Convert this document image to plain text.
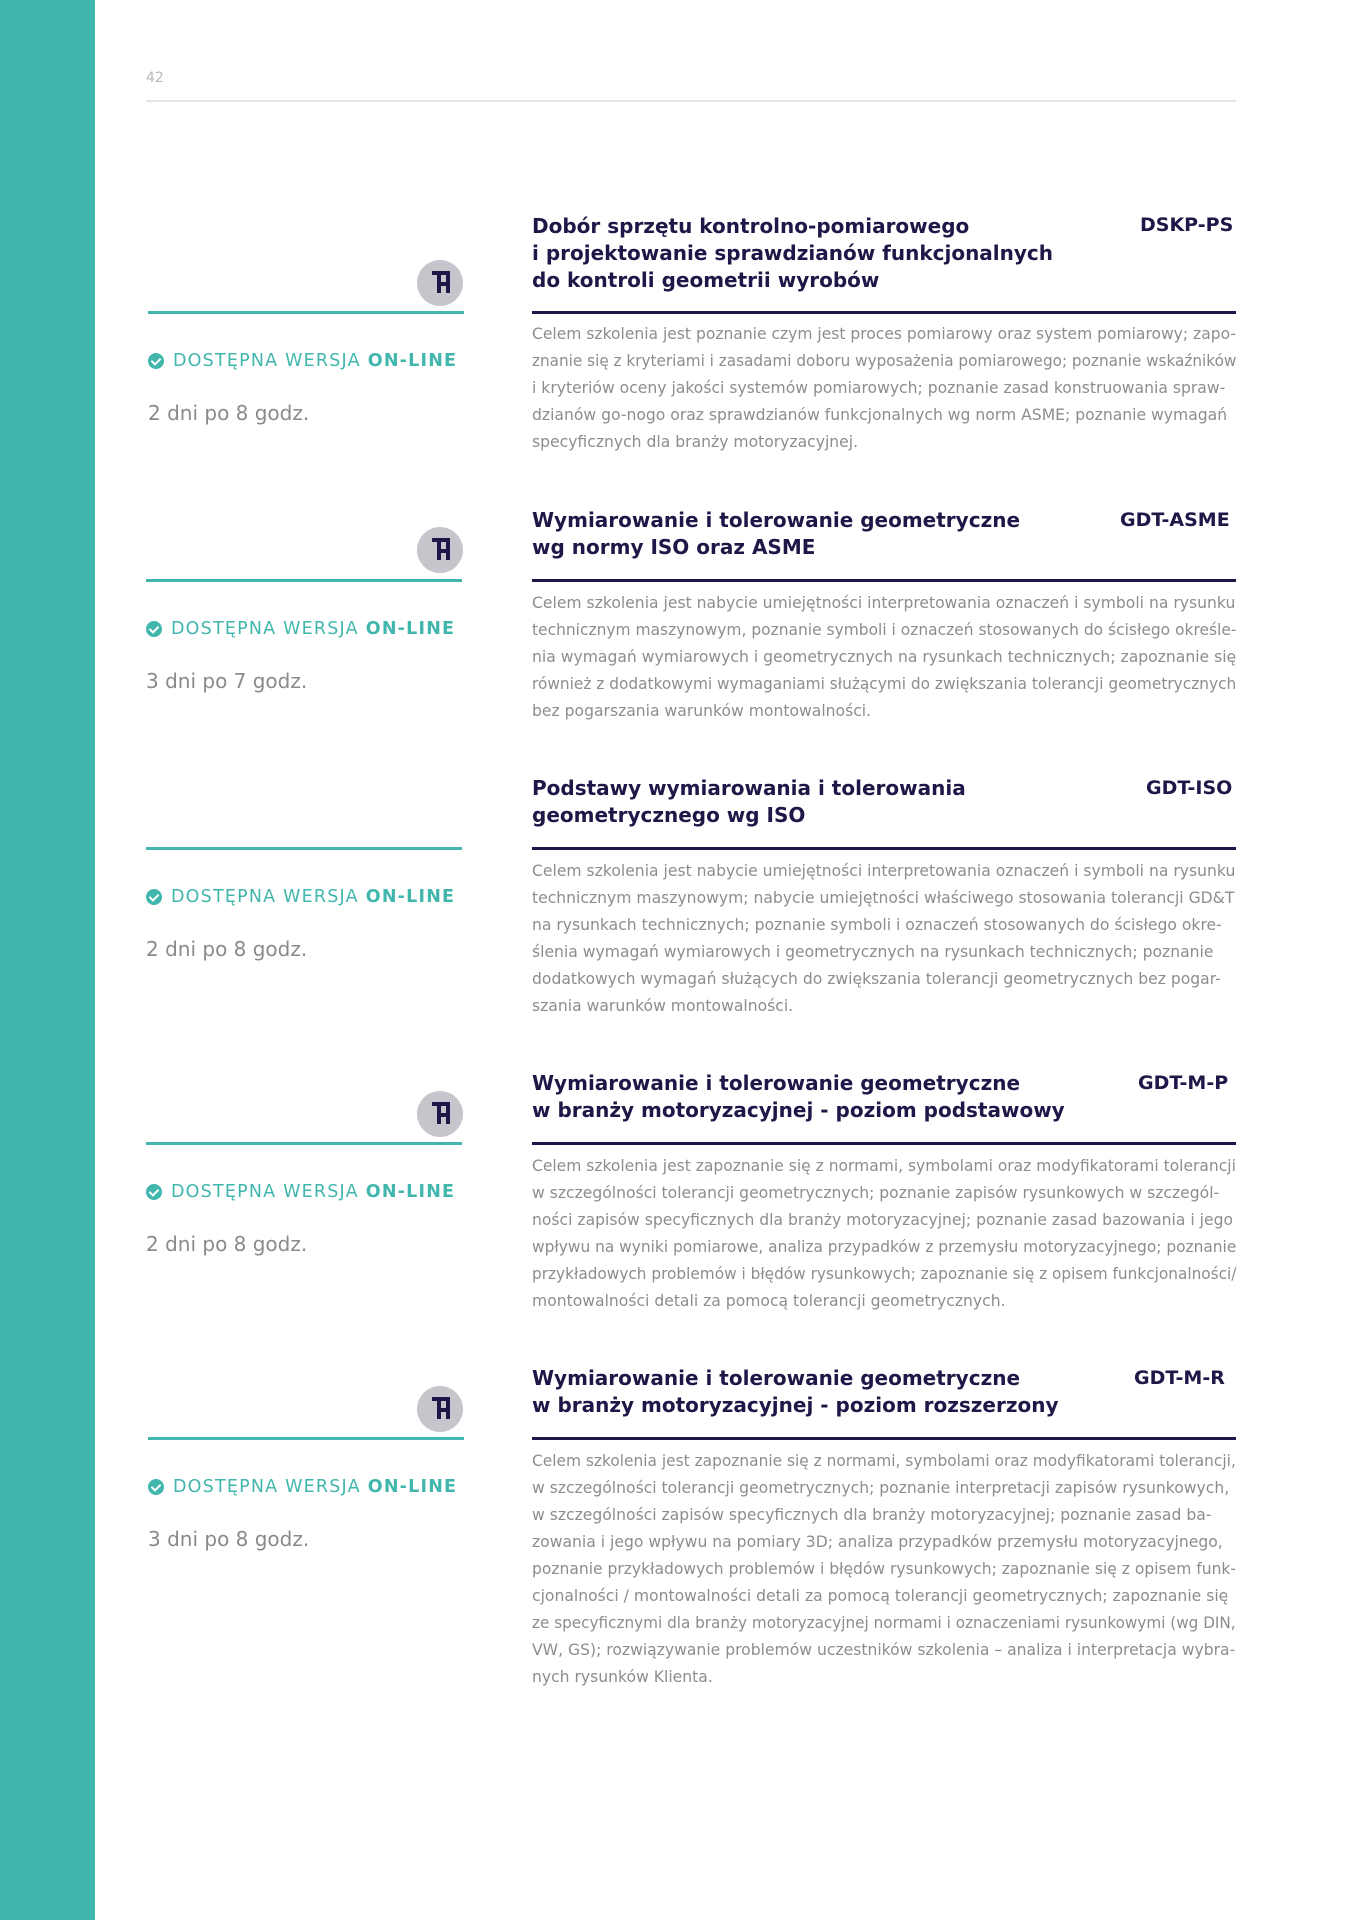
42
DOSTĘPNA WERSJA ON-LINE
2 dni po 8 godz.
Dobór sprzętu kontrolno-pomiarowego
i projektowanie sprawdzianów funkcjonalnych
do kontroli geometrii wyrobów
DSKP-PS
Celem szkolenia jest poznanie czym jest proces pomiarowy oraz system pomiarowy; zapo-
znanie się z kryteriami i zasadami doboru wyposażenia pomiarowego; poznanie wskaźników
i kryteriów oceny jakości systemów pomiarowych; poznanie zasad konstruowania spraw-
dzianów go-nogo oraz sprawdzianów funkcjonalnych wg norm ASME; poznanie wymagań
specyficznych dla branży motoryzacyjnej.
DOSTĘPNA WERSJA ON-LINE
3 dni po 7 godz.
Wymiarowanie i tolerowanie geometryczne
wg normy ISO oraz ASME
GDT-ASME
Celem szkolenia jest nabycie umiejętności interpretowania oznaczeń i symboli na rysunku
technicznym maszynowym, poznanie symboli i oznaczeń stosowanych do ścisłego określe-
nia wymagań wymiarowych i geometrycznych na rysunkach technicznych; zapoznanie się
również z dodatkowymi wymaganiami służącymi do zwiększania tolerancji geometrycznych
bez pogarszania warunków montowalności.
DOSTĘPNA WERSJA ON-LINE
2 dni po 8 godz.
Podstawy wymiarowania i tolerowania
geometrycznego wg ISO
GDT-ISO
Celem szkolenia jest nabycie umiejętności interpretowania oznaczeń i symboli na rysunku
technicznym maszynowym; nabycie umiejętności właściwego stosowania tolerancji GD&T
na rysunkach technicznych; poznanie symboli i oznaczeń stosowanych do ścisłego okre-
ślenia wymagań wymiarowych i geometrycznych na rysunkach technicznych; poznanie
dodatkowych wymagań służących do zwiększania tolerancji geometrycznych bez pogar-
szania warunków montowalności.
DOSTĘPNA WERSJA ON-LINE
2 dni po 8 godz.
Wymiarowanie i tolerowanie geometryczne
w branży motoryzacyjnej - poziom podstawowy
GDT-M-P
Celem szkolenia jest zapoznanie się z normami, symbolami oraz modyfikatorami tolerancji
w szczególności tolerancji geometrycznych; poznanie zapisów rysunkowych w szczegól-
ności zapisów specyficznych dla branży motoryzacyjnej; poznanie zasad bazowania i jego
wpływu na wyniki pomiarowe, analiza przypadków z przemysłu motoryzacyjnego; poznanie
przykładowych problemów i błędów rysunkowych; zapoznanie się z opisem funkcjonalności/
montowalności detali za pomocą tolerancji geometrycznych.
DOSTĘPNA WERSJA ON-LINE
3 dni po 8 godz.
Wymiarowanie i tolerowanie geometryczne
w branży motoryzacyjnej - poziom rozszerzony
GDT-M-R
Celem szkolenia jest zapoznanie się z normami, symbolami oraz modyfikatorami tolerancji,
w szczególności tolerancji geometrycznych; poznanie interpretacji zapisów rysunkowych,
w szczególności zapisów specyficznych dla branży motoryzacyjnej; poznanie zasad ba-
zowania i jego wpływu na pomiary 3D; analiza przypadków przemysłu motoryzacyjnego,
poznanie przykładowych problemów i błędów rysunkowych; zapoznanie się z opisem funk-
cjonalności / montowalności detali za pomocą tolerancji geometrycznych; zapoznanie się
ze specyficznymi dla branży motoryzacyjnej normami i oznaczeniami rysunkowymi (wg DIN,
VW, GS); rozwiązywanie problemów uczestników szkolenia – analiza i interpretacja wybra-
nych rysunków Klienta.
